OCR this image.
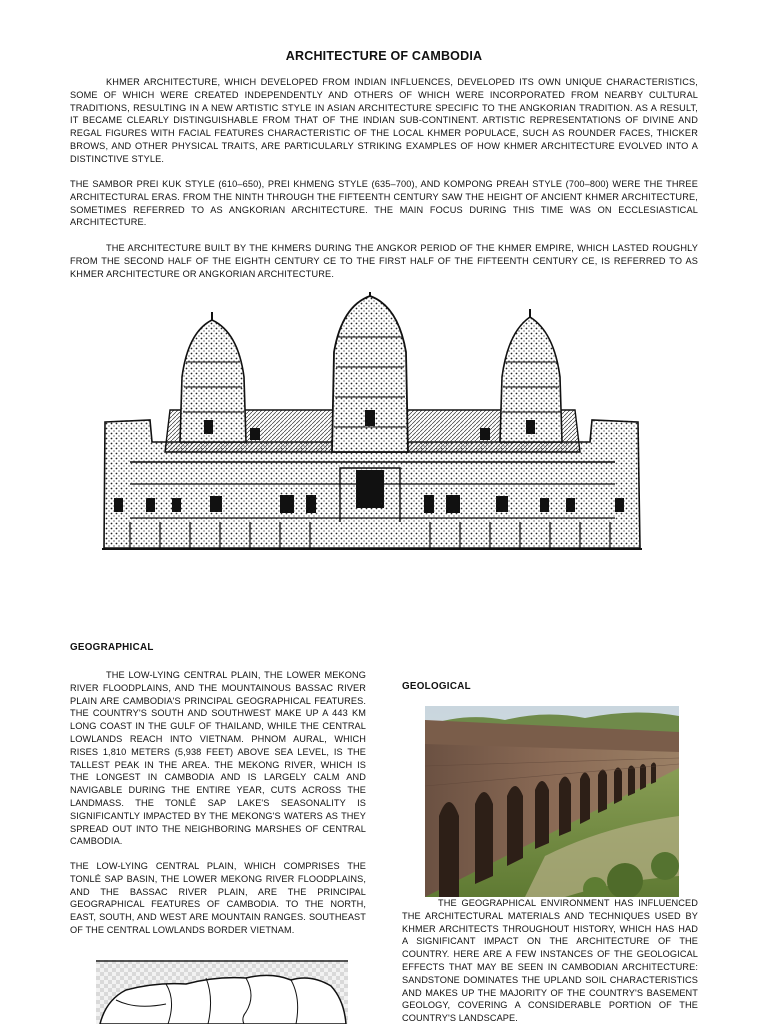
ARCHITECTURE OF CAMBODIA

KHMER ARCHITECTURE, WHICH DEVELOPED FROM INDIAN INFLUENCES, DEVELOPED ITS OWN UNIQUE CHARACTERISTICS, SOME OF WHICH WERE CREATED INDEPENDENTLY AND OTHERS OF WHICH WERE INCORPORATED FROM NEARBY CULTURAL TRADITIONS, RESULTING IN A NEW ARTISTIC STYLE IN ASIAN ARCHITECTURE SPECIFIC TO THE ANGKORIAN TRADITION. AS A RESULT, IT BECAME CLEARLY DISTINGUISHABLE FROM THAT OF THE INDIAN SUB-CONTINENT. ARTISTIC REPRESENTATIONS OF DIVINE AND REGAL FIGURES WITH FACIAL FEATURES CHARACTERISTIC OF THE LOCAL KHMER POPULACE, SUCH AS ROUNDER FACES, THICKER BROWS, AND OTHER PHYSICAL TRAITS, ARE PARTICULARLY STRIKING EXAMPLES OF HOW KHMER ARCHITECTURE EVOLVED INTO A DISTINCTIVE STYLE.

THE SAMBOR PREI KUK STYLE (610–650), PREI KHMENG STYLE (635–700), AND KOMPONG PREAH STYLE (700–800) WERE THE THREE ARCHITECTURAL ERAS. FROM THE NINTH THROUGH THE FIFTEENTH CENTURY SAW THE HEIGHT OF ANCIENT KHMER ARCHITECTURE, SOMETIMES REFERRED TO AS ANGKORIAN ARCHITECTURE. THE MAIN FOCUS DURING THIS TIME WAS ON ECCLESIASTICAL ARCHITECTURE.

THE ARCHITECTURE BUILT BY THE KHMERS DURING THE ANGKOR PERIOD OF THE KHMER EMPIRE, WHICH LASTED ROUGHLY FROM THE SECOND HALF OF THE EIGHTH CENTURY CE TO THE FIRST HALF OF THE FIFTEENTH CENTURY CE, IS REFERRED TO AS KHMER ARCHITECTURE OR ANGKORIAN ARCHITECTURE.

GEOGRAPHICAL

THE LOW-LYING CENTRAL PLAIN, THE LOWER MEKONG RIVER FLOODPLAINS, AND THE MOUNTAINOUS BASSAC RIVER PLAIN ARE CAMBODIA'S PRINCIPAL GEOGRAPHICAL FEATURES. THE COUNTRY'S SOUTH AND SOUTHWEST MAKE UP A 443 KM LONG COAST IN THE GULF OF THAILAND, WHILE THE CENTRAL LOWLANDS REACH INTO VIETNAM. PHNOM AURAL, WHICH RISES 1,810 METERS (5,938 FEET) ABOVE SEA LEVEL, IS THE TALLEST PEAK IN THE AREA. THE MEKONG RIVER, WHICH IS THE LONGEST IN CAMBODIA AND IS LARGELY CALM AND NAVIGABLE DURING THE ENTIRE YEAR, CUTS ACROSS THE LANDMASS. THE TONLÉ SAP LAKE'S SEASONALITY IS SIGNIFICANTLY IMPACTED BY THE MEKONG'S WATERS AS THEY SPREAD OUT INTO THE NEIGHBORING MARSHES OF CENTRAL CAMBODIA.

THE LOW-LYING CENTRAL PLAIN, WHICH COMPRISES THE TONLÉ SAP BASIN, THE LOWER MEKONG RIVER FLOODPLAINS, AND THE BASSAC RIVER PLAIN, ARE THE PRINCIPAL GEOGRAPHICAL FEATURES OF CAMBODIA. TO THE NORTH, EAST, SOUTH, AND WEST ARE MOUNTAIN RANGES. SOUTHEAST OF THE CENTRAL LOWLANDS BORDER VIETNAM.

GEOLOGICAL

THE GEOGRAPHICAL ENVIRONMENT HAS INFLUENCED THE ARCHITECTURAL MATERIALS AND TECHNIQUES USED BY KHMER ARCHITECTS THROUGHOUT HISTORY, WHICH HAS HAD A SIGNIFICANT IMPACT ON THE ARCHITECTURE OF THE COUNTRY. HERE ARE A FEW INSTANCES OF THE GEOLOGICAL EFFECTS THAT MAY BE SEEN IN CAMBODIAN ARCHITECTURE: SANDSTONE DOMINATES THE UPLAND SOIL CHARACTERISTICS AND MAKES UP THE MAJORITY OF THE COUNTRY'S BASEMENT GEOLOGY, COVERING A CONSIDERABLE PORTION OF THE COUNTRY'S LANDSCAPE.
